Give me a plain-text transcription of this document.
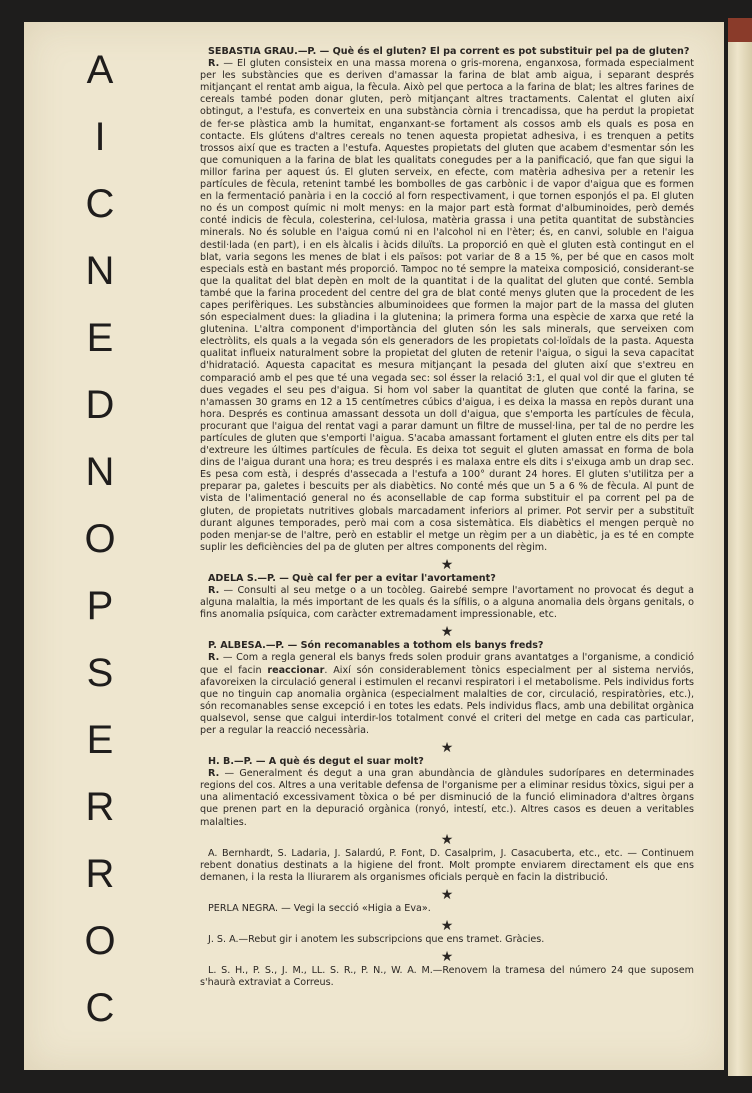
A
I
C
N
E
D
N
O
P
S
E
R
R
O
C

SEBASTIA GRAU.—P. — Què és el gluten? El pa corrent es pot substituir pel pa de gluten?

R. — El gluten consisteix en una massa morena o gris-morena, enganxosa, formada especialment per les substàncies que es deriven d'amassar la farina de blat amb aigua, i separant després mitjançant el rentat amb aigua, la fècula. Això pel que pertoca a la farina de blat; les altres farines de cereals també poden donar gluten, però mitjançant altres tractaments. Calentat el gluten així obtingut, a l'estufa, es converteix en una substància còrnia i trencadissa, que ha perdut la propietat de fer-se plàstica amb la humitat, enganxant-se fortament als cossos amb els quals es posa en contacte. Els glútens d'altres cereals no tenen aquesta propietat adhesiva, i es trenquen a petits trossos així que es tracten a l'estufa. Aquestes propietats del gluten que acabem d'esmentar són les que comuniquen a la farina de blat les qualitats conegudes per a la panificació, que fan que sigui la millor farina per aquest ús. El gluten serveix, en efecte, com matèria adhesiva per a retenir les partícules de fècula, retenint també les bombolles de gas carbònic i de vapor d'aigua que es formen en la fermentació panària i en la cocció al forn respectivament, i que tornen esponjós el pa. El gluten no és un compost químic ni molt menys: en la major part està format d'albuminoides, però demés conté indicis de fècula, colesterina, cel·lulosa, matèria grassa i una petita quantitat de substàncies minerals. No és soluble en l'aigua comú ni en l'alcohol ni en l'èter; és, en canvi, soluble en l'aigua destil·lada (en part), i en els àlcalis i àcids diluïts. La proporció en què el gluten està contingut en el blat, varia segons les menes de blat i els països: pot variar de 8 a 15 %, per bé que en casos molt especials està en bastant més proporció. Tampoc no té sempre la mateixa composició, considerant-se que la qualitat del blat depèn en molt de la quantitat i de la qualitat del gluten que conté. Sembla també que la farina procedent del centre del gra de blat conté menys gluten que la procedent de les capes perifèriques. Les substàncies albuminoidees que formen la major part de la massa del gluten són especialment dues: la gliadina i la glutenina; la primera forma una espècie de xarxa que reté la glutenina. L'altra component d'importància del gluten són les sals minerals, que serveixen com electròlits, els quals a la vegada són els generadors de les propietats col·loïdals de la pasta. Aquesta qualitat influeix naturalment sobre la propietat del gluten de retenir l'aigua, o sigui la seva capacitat d'hidratació. Aquesta capacitat es mesura mitjançant la pesada del gluten així que s'extreu en comparació amb el pes que té una vegada sec: sol ésser la relació 3:1, el qual vol dir que el gluten té dues vegades el seu pes d'aigua. Si hom vol saber la quantitat de gluten que conté la farina, se n'amassen 30 grams en 12 a 15 centímetres cúbics d'aigua, i es deixa la massa en repòs durant una hora. Després es continua amassant dessota un doll d'aigua, que s'emporta les partícules de fècula, procurant que l'aigua del rentat vagi a parar damunt un filtre de mussel·lina, per tal de no perdre les partícules de gluten que s'emporti l'aigua. S'acaba amassant fortament el gluten entre els dits per tal d'extreure les últimes partícules de fècula. Es deixa tot seguit el gluten amassat en forma de bola dins de l'aigua durant una hora; es treu després i es malaxa entre els dits i s'eixuga amb un drap sec. Es pesa com està, i després d'assecada a l'estufa a 100° durant 24 hores. El gluten s'utilitza per a preparar pa, galetes i bescuits per als diabètics. No conté més que un 5 a 6 % de fècula. Al punt de vista de l'alimentació general no és aconsellable de cap forma substituir el pa corrent pel pa de gluten, de propietats nutritives globals marcadament inferiors al primer. Pot servir per a substituït durant algunes temporades, però mai com a cosa sistemàtica. Els diabètics el mengen perquè no poden menjar-se de l'altre, però en establir el metge un règim per a un diabètic, ja es té en compte suplir les deficiències del pa de gluten per altres components del règim.

★

ADELA S.—P. — Què cal fer per a evitar l'avortament?

R. — Consulti al seu metge o a un tocòleg. Gairebé sempre l'avortament no provocat és degut a alguna malaltia, la més important de les quals és la sífilis, o a alguna anomalia dels òrgans genitals, o fins anomalia psíquica, com caràcter extremadament impressionable, etc.

★

P. ALBESA.—P. — Són recomanables a tothom els banys freds?

R. — Com a regla general els banys freds solen produir grans avantatges a l'organisme, a condició que el facin reaccionar. Així són considerablement tònics especialment per al sistema nerviós, afavoreixen la circulació general i estimulen el recanvi respiratori i el metabolisme. Pels individus forts que no tinguin cap anomalia orgànica (especialment malalties de cor, circulació, respiratòries, etc.), són recomanables sense excepció i en totes les edats. Pels individus flacs, amb una debilitat orgànica qualsevol, sense que calgui interdir-los totalment convé el criteri del metge en cada cas particular, per a regular la reacció necessària.

★

H. B.—P. — A què és degut el suar molt?

R. — Generalment és degut a una gran abundància de glàndules sudorípares en determinades regions del cos. Altres a una veritable defensa de l'organisme per a eliminar residus tòxics, sigui per a una alimentació excessivament tòxica o bé per disminució de la funció eliminadora d'altres òrgans que prenen part en la depuració orgànica (ronyó, intestí, etc.). Altres casos es deuen a veritables malalties.

★

A. Bernhardt, S. Ladaria, J. Salardú, P. Font, D. Casalprim, J. Casacuberta, etc., etc. — Continuem rebent donatius destinats a la higiene del front. Molt prompte enviarem directament els que ens demanen, i la resta la lliurarem als organismes oficials perquè en facin la distribució.

★

PERLA NEGRA. — Vegi la secció «Higia a Eva».

★

J. S. A.—Rebut gir i anotem les subscripcions que ens tramet. Gràcies.

★

L. S. H., P. S., J. M., LL. S. R., P. N., W. A. M.—Renovem la tramesa del número 24 que suposem s'haurà extraviat a Correus.
